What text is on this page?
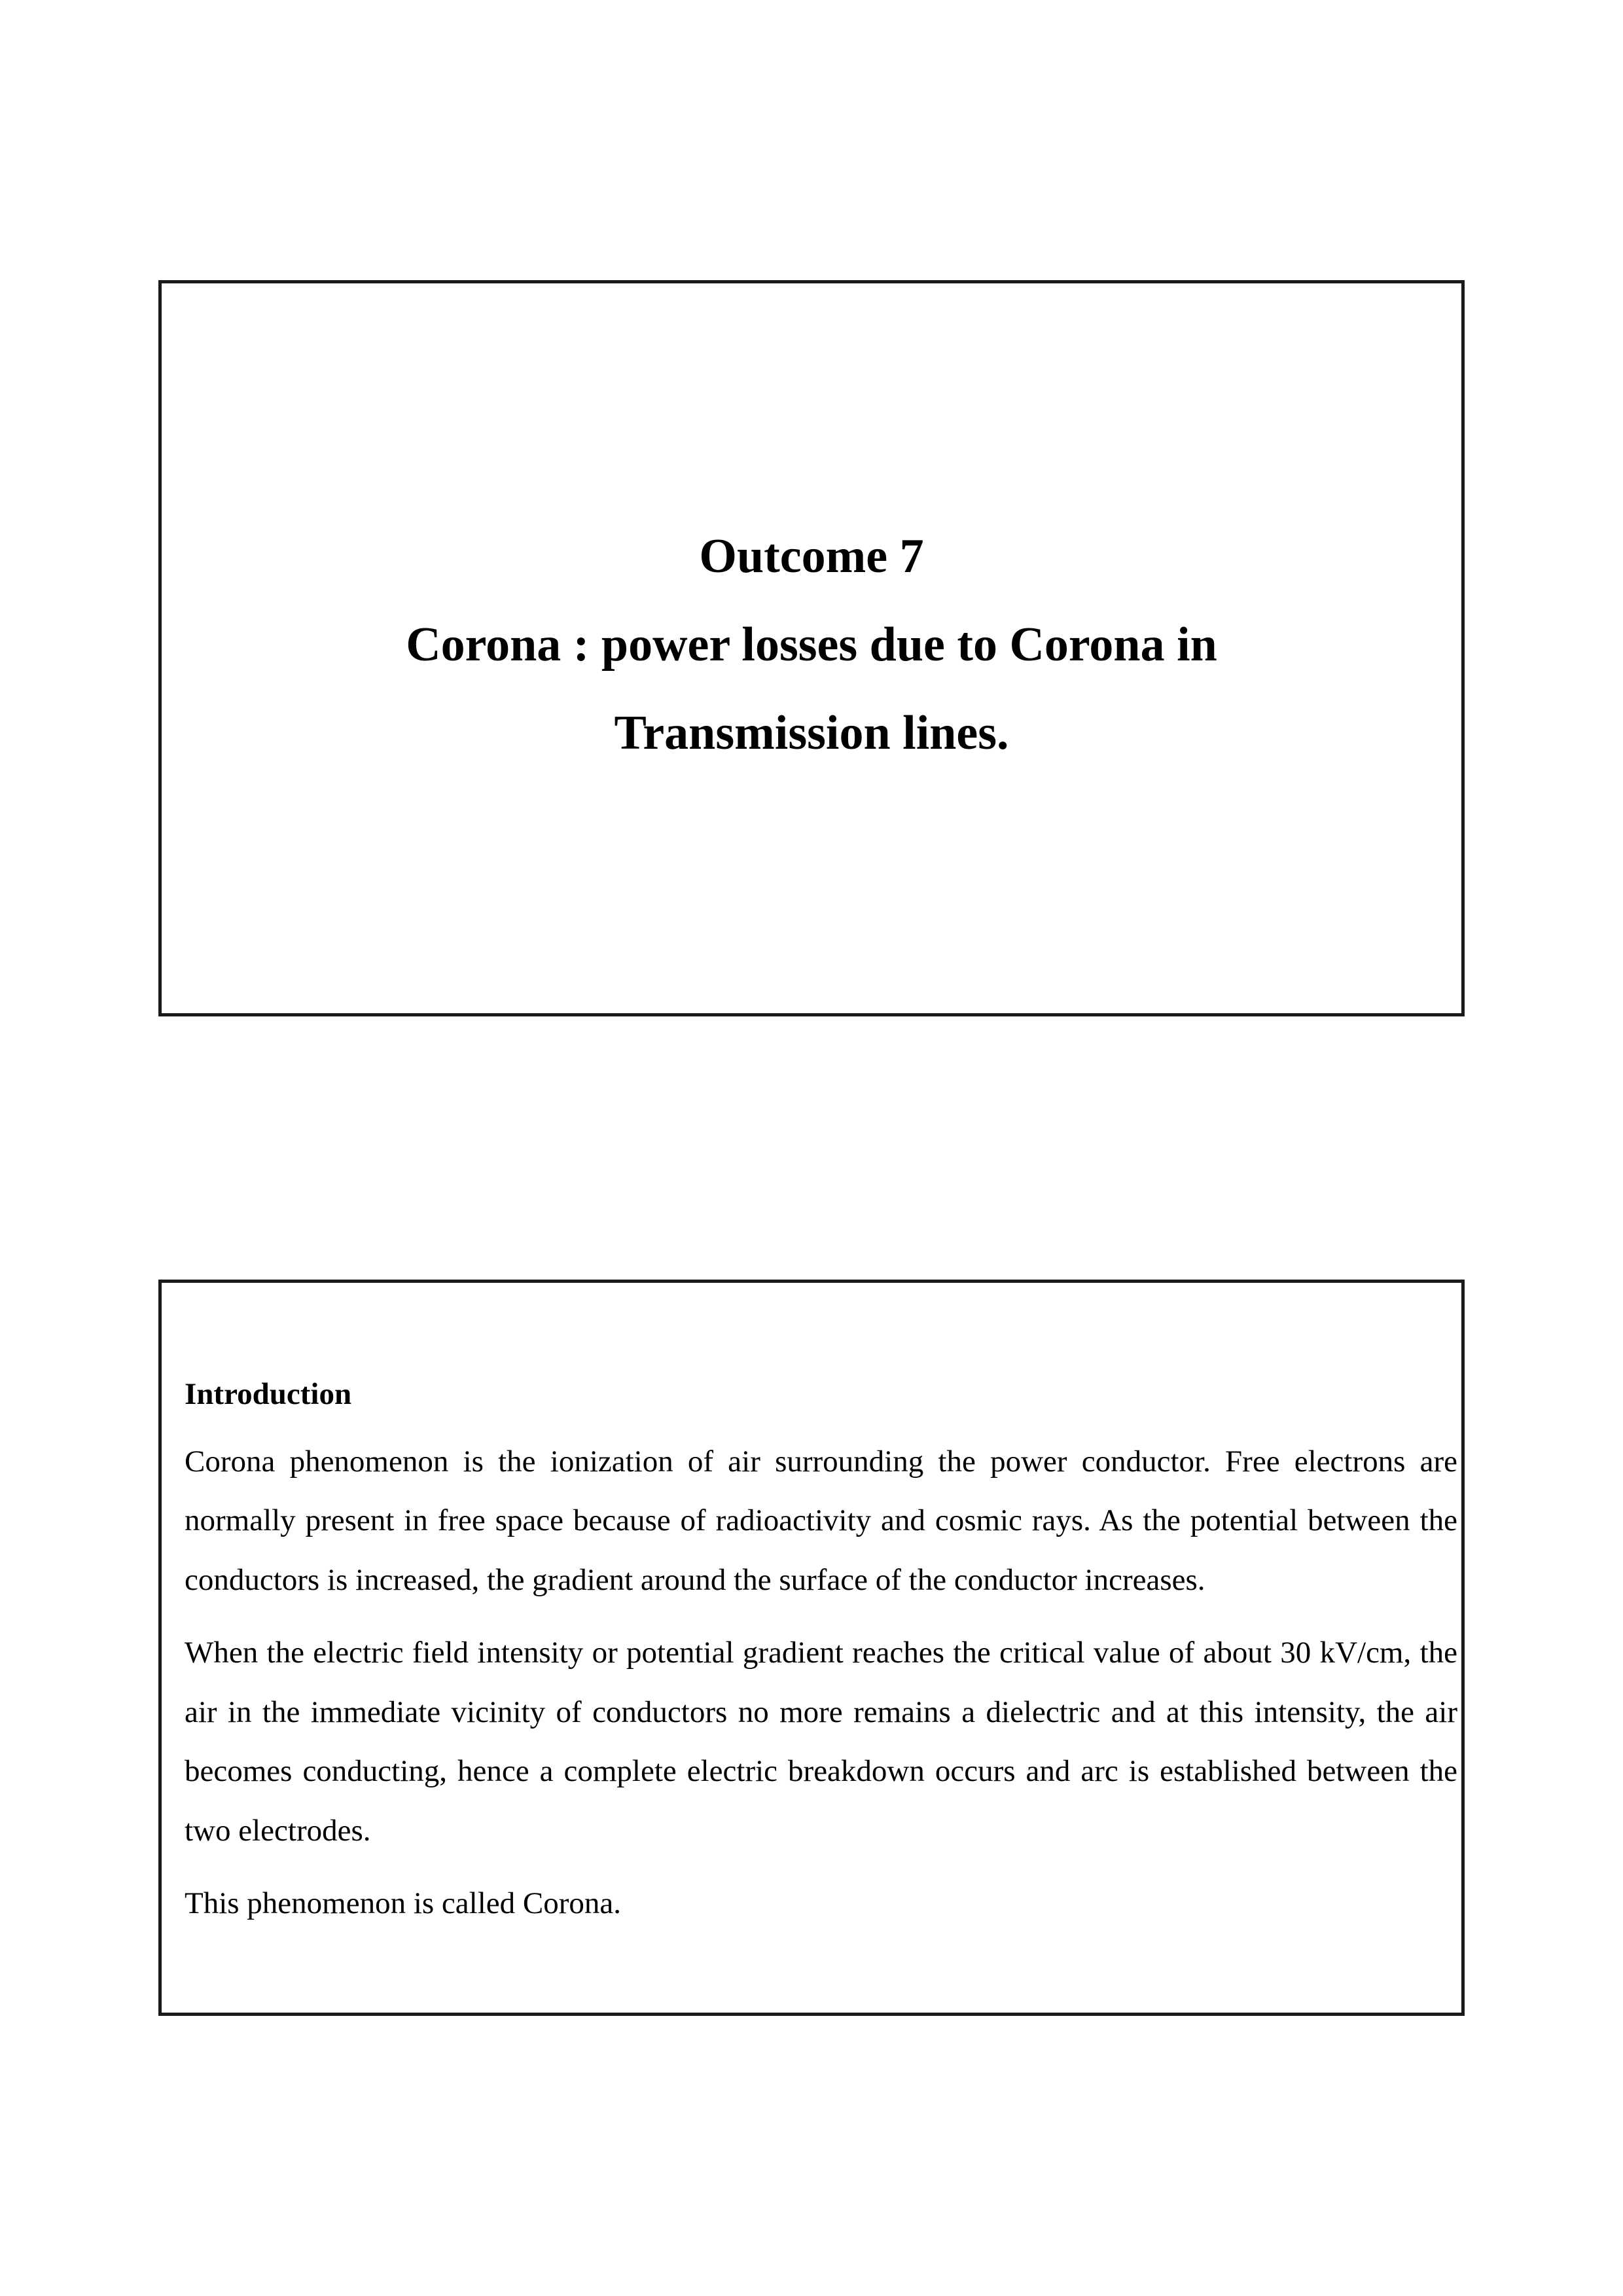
Outcome 7
Corona : power losses due to Corona in
Transmission lines.
Introduction

Corona phenomenon is the ionization of air surrounding the power conductor. Free electrons are normally present in free space because of radioactivity and cosmic rays. As the potential between the conductors is increased, the gradient around the surface of the conductor increases.

When the electric field intensity or potential gradient reaches the critical value of about 30 kV/cm, the air in the immediate vicinity of conductors no more remains a dielectric and at this intensity, the air becomes conducting, hence a complete electric breakdown occurs and arc is established between the two electrodes.

This phenomenon is called Corona.
